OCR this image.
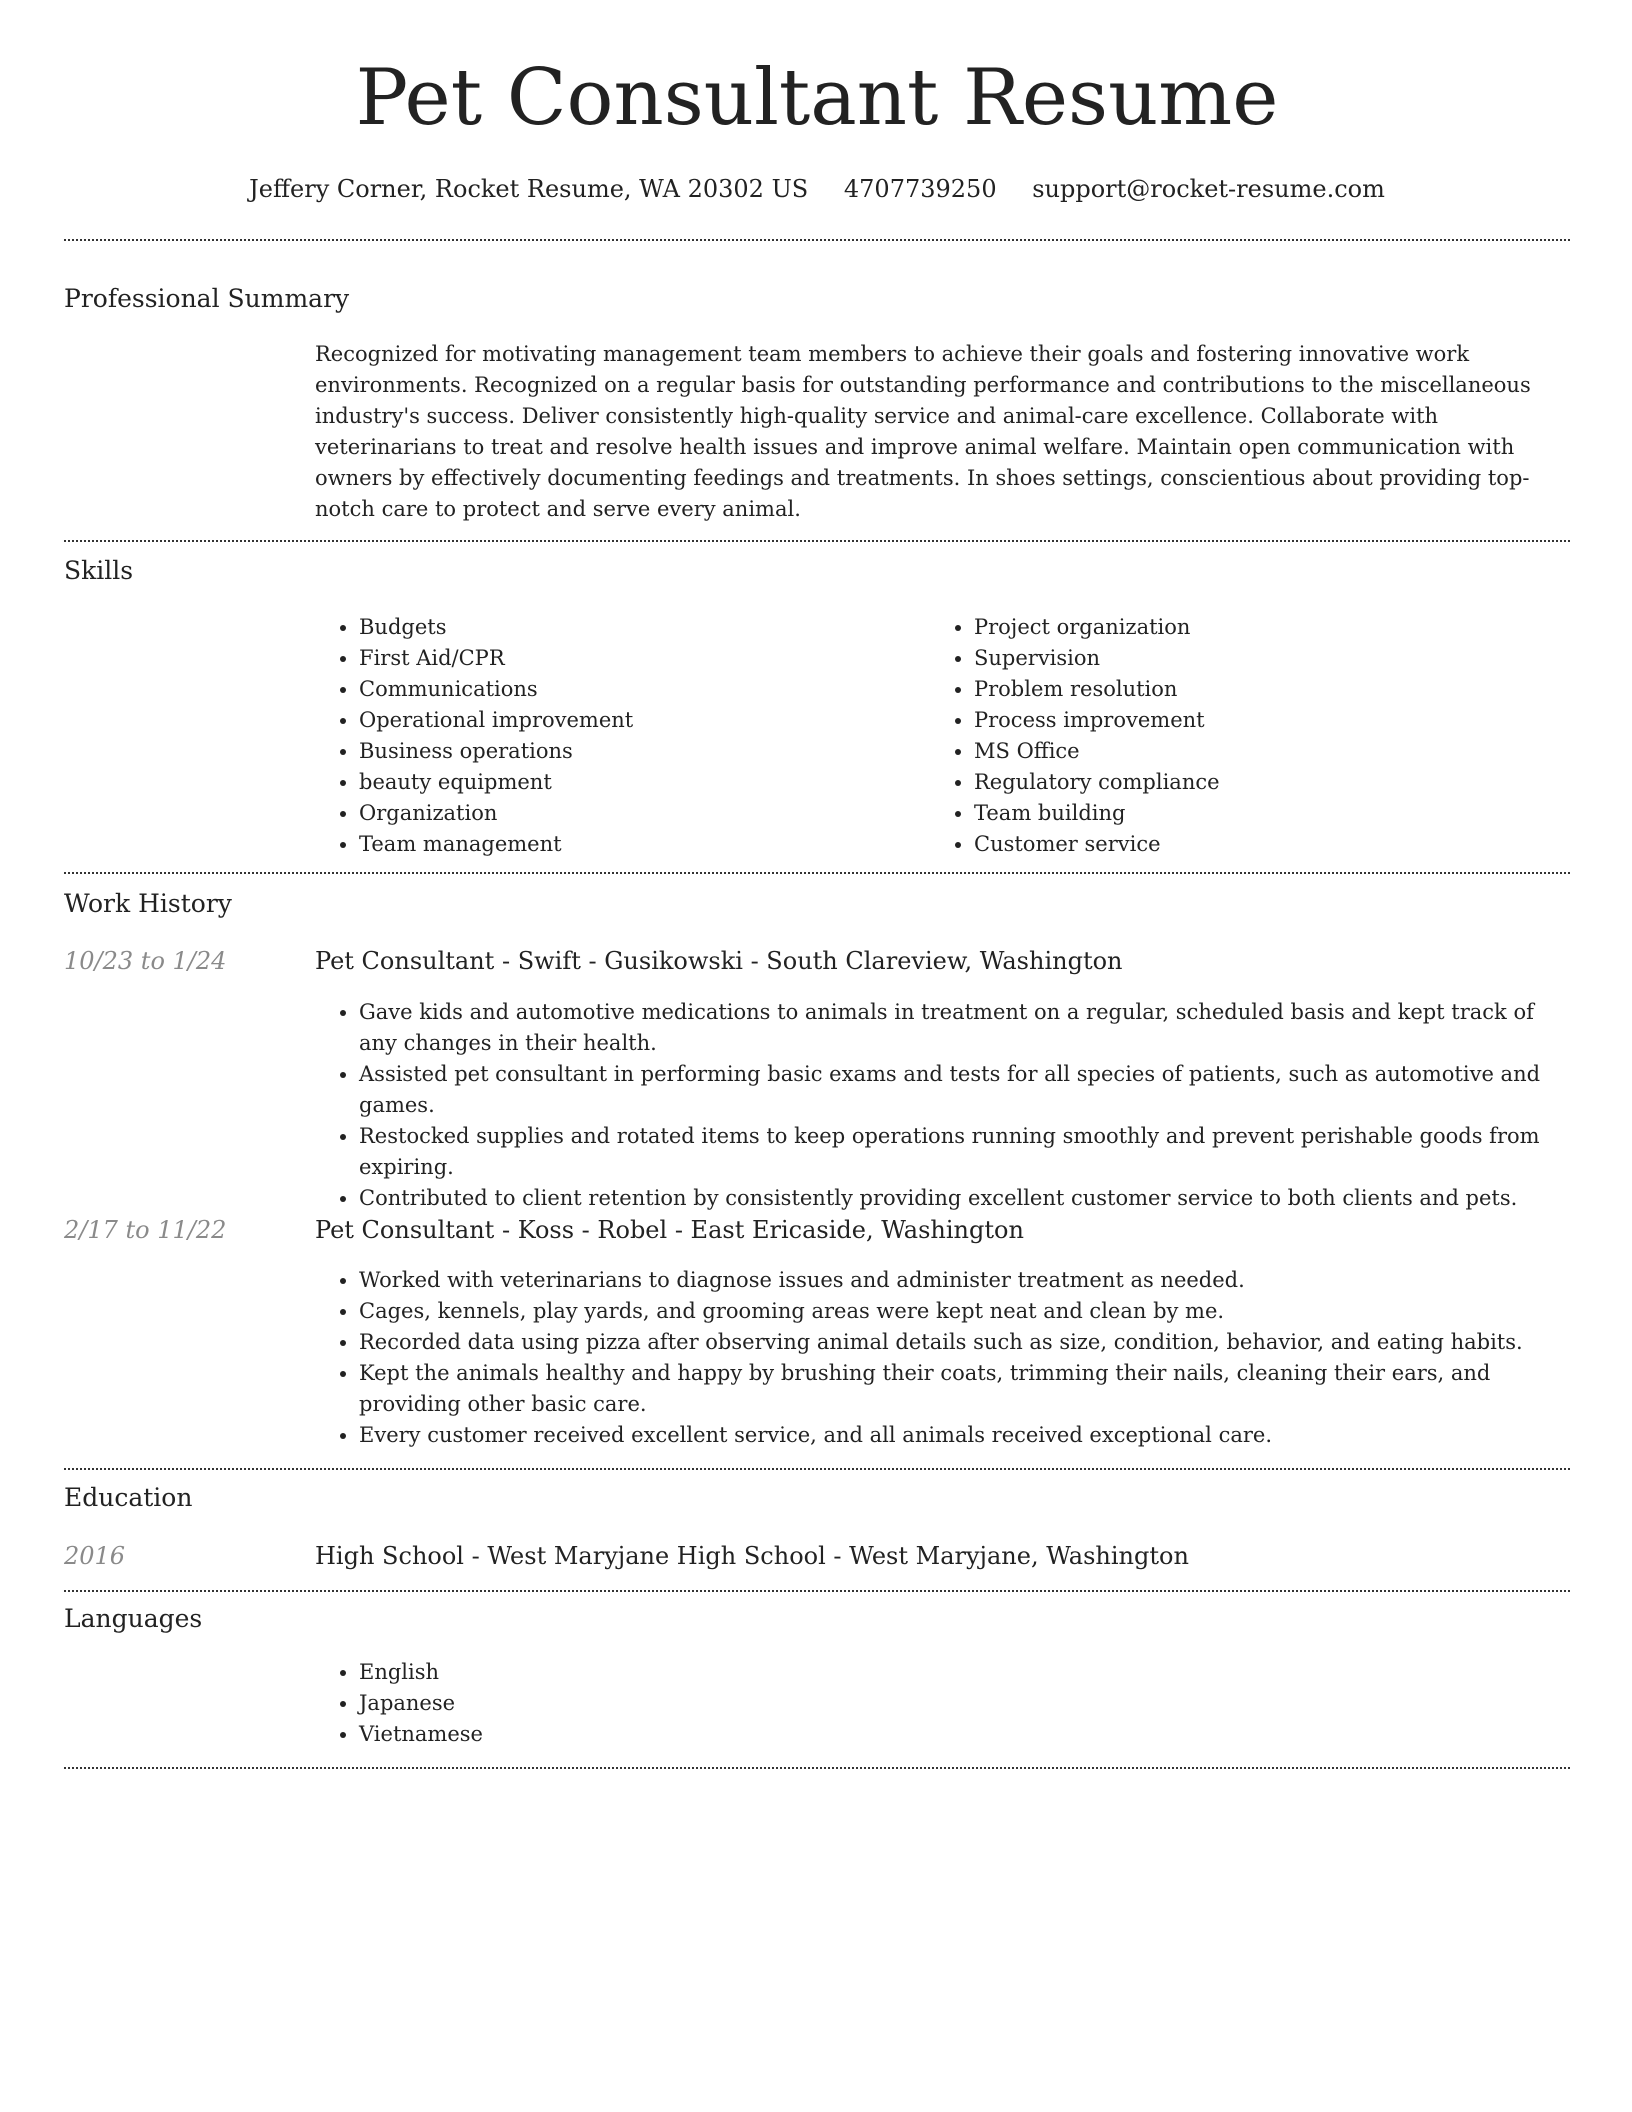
Pet Consultant Resume
Jeffery Corner, Rocket Resume, WA 20302 US 4707739250 support@rocket-resume.com
Professional Summary

Recognized for motivating management team members to achieve their goals and fostering innovative work environments. Recognized on a regular basis for outstanding performance and contributions to the miscellaneous industry's success. Deliver consistently high-quality service and animal-care excellence. Collaborate with veterinarians to treat and resolve health issues and improve animal welfare. Maintain open communication with owners by effectively documenting feedings and treatments. In shoes settings, conscientious about providing top-notch care to protect and serve every animal.

Skills
• Budgets
• First Aid/CPR
• Communications
• Operational improvement
• Business operations
• beauty equipment
• Organization
• Team management
• Project organization
• Supervision
• Problem resolution
• Process improvement
• MS Office
• Regulatory compliance
• Team building
• Customer service
Work History
10/23 to 1/24	Pet Consultant - Swift - Gusikowski - South Clareview, Washington
• Gave kids and automotive medications to animals in treatment on a regular, scheduled basis and kept track of any changes in their health.
• Assisted pet consultant in performing basic exams and tests for all species of patients, such as automotive and games.
• Restocked supplies and rotated items to keep operations running smoothly and prevent perishable goods from expiring.
• Contributed to client retention by consistently providing excellent customer service to both clients and pets.
2/17 to 11/22	Pet Consultant - Koss - Robel - East Ericaside, Washington
• Worked with veterinarians to diagnose issues and administer treatment as needed.
• Cages, kennels, play yards, and grooming areas were kept neat and clean by me.
• Recorded data using pizza after observing animal details such as size, condition, behavior, and eating habits.
• Kept the animals healthy and happy by brushing their coats, trimming their nails, cleaning their ears, and providing other basic care.
• Every customer received excellent service, and all animals received exceptional care.
Education
2016	High School - West Maryjane High School - West Maryjane, Washington
Languages
• English
• Japanese
• Vietnamese
